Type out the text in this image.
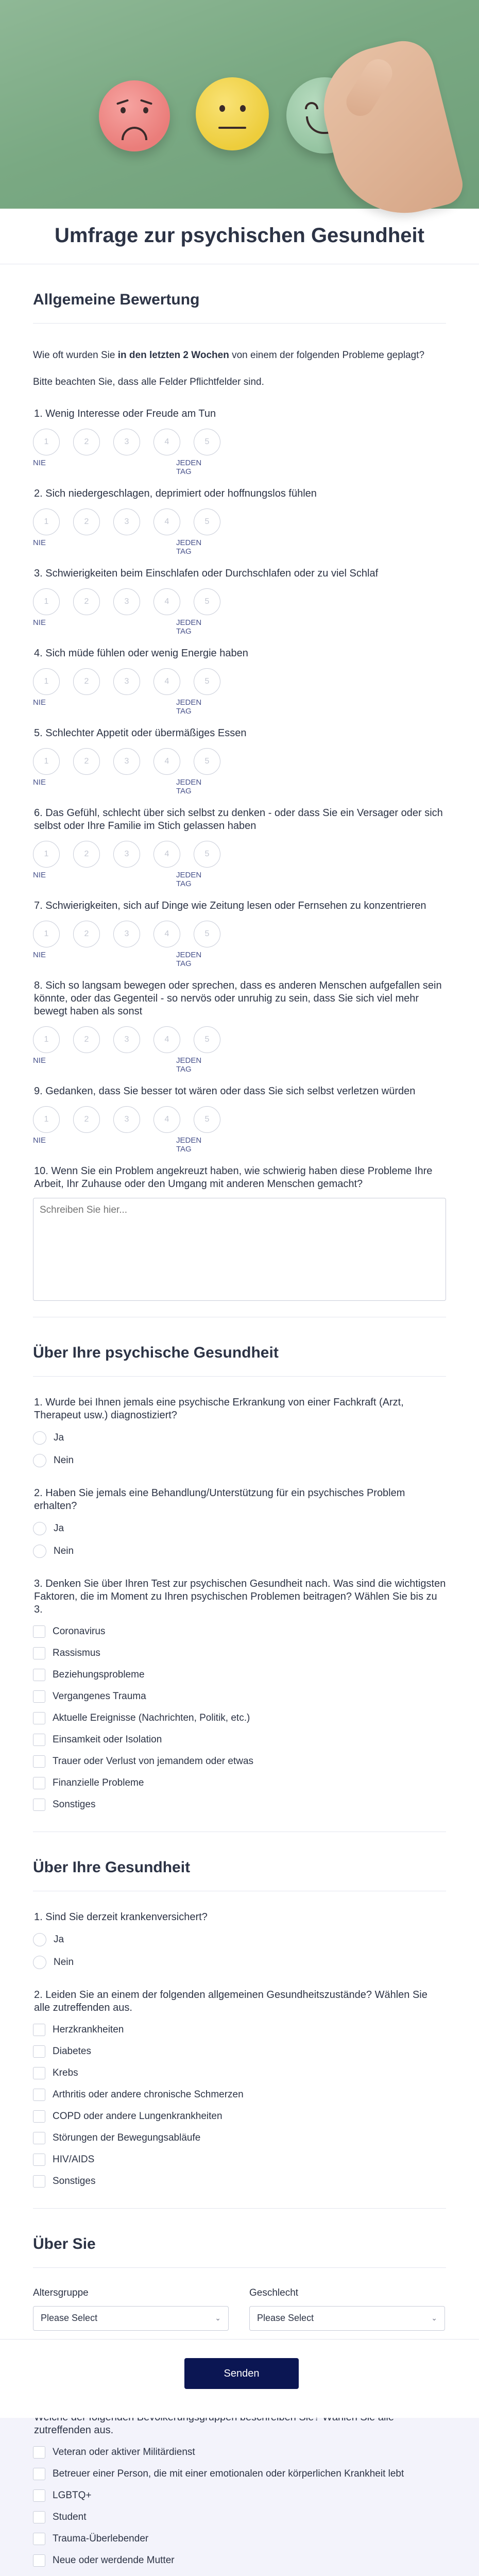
Umfrage zur psychischen Gesundheit
Allgemeine Bewertung

Wie oft wurden Sie in den letzten 2 Wochen von einem der folgenden Probleme geplagt?

Bitte beachten Sie, dass alle Felder Pflichtfelder sind.

1. Wenig Interesse oder Freude am Tun
1	2	3	4	5
NIE	JEDEN TAG
2. Sich niedergeschlagen, deprimiert oder hoffnungslos fühlen
1	2	3	4	5
NIE	JEDEN TAG
3. Schwierigkeiten beim Einschlafen oder Durchschlafen oder zu viel Schlaf
1	2	3	4	5
NIE	JEDEN TAG
4. Sich müde fühlen oder wenig Energie haben
1	2	3	4	5
NIE	JEDEN TAG
5. Schlechter Appetit oder übermäßiges Essen
1	2	3	4	5
NIE	JEDEN TAG
6. Das Gefühl, schlecht über sich selbst zu denken - oder dass Sie ein Versager oder sich selbst oder Ihre Familie im Stich gelassen haben
1	2	3	4	5
NIE	JEDEN TAG
7. Schwierigkeiten, sich auf Dinge wie Zeitung lesen oder Fernsehen zu konzentrieren
1	2	3	4	5
NIE	JEDEN TAG
8. Sich so langsam bewegen oder sprechen, dass es anderen Menschen aufgefallen sein könnte, oder das Gegenteil - so nervös oder unruhig zu sein, dass Sie sich viel mehr bewegt haben als sonst
1	2	3	4	5
NIE	JEDEN TAG
9. Gedanken, dass Sie besser tot wären oder dass Sie sich selbst verletzen würden
1	2	3	4	5
NIE	JEDEN TAG
10. Wenn Sie ein Problem angekreuzt haben, wie schwierig haben diese Probleme Ihre Arbeit, Ihr Zuhause oder den Umgang mit anderen Menschen gemacht?
Schreiben Sie hier...
Über Ihre psychische Gesundheit
1. Wurde bei Ihnen jemals eine psychische Erkrankung von einer Fachkraft (Arzt, Therapeut usw.) diagnostiziert?
Ja
Nein
2. Haben Sie jemals eine Behandlung/Unterstützung für ein psychisches Problem erhalten?
Ja
Nein
3. Denken Sie über Ihren Test zur psychischen Gesundheit nach. Was sind die wichtigsten Faktoren, die im Moment zu Ihren psychischen Problemen beitragen? Wählen Sie bis zu 3.
Coronavirus
Rassismus
Beziehungsprobleme
Vergangenes Trauma
Aktuelle Ereignisse (Nachrichten, Politik, etc.)
Einsamkeit oder Isolation
Trauer oder Verlust von jemandem oder etwas
Finanzielle Probleme
Sonstiges
Über Ihre Gesundheit
1. Sind Sie derzeit krankenversichert?
Ja
Nein
2. Leiden Sie an einem der folgenden allgemeinen Gesundheitszustände? Wählen Sie alle zutreffenden aus.
Herzkrankheiten
Diabetes
Krebs
Arthritis oder andere chronische Schmerzen
COPD oder andere Lungenkrankheiten
Störungen der Bewegungsabläufe
HIV/AIDS
Sonstiges
Über Sie
Altersgruppe
Please Select	⌄
Geschlecht
Please Select	⌄
zutreffenden aus.
Veteran oder aktiver Militärdienst
Betreuer einer Person, die mit einer emotionalen oder körperlichen Krankheit lebt
LGBTQ+
Student
Trauma-Überlebender
Neue oder werdende Mutter
Senden
